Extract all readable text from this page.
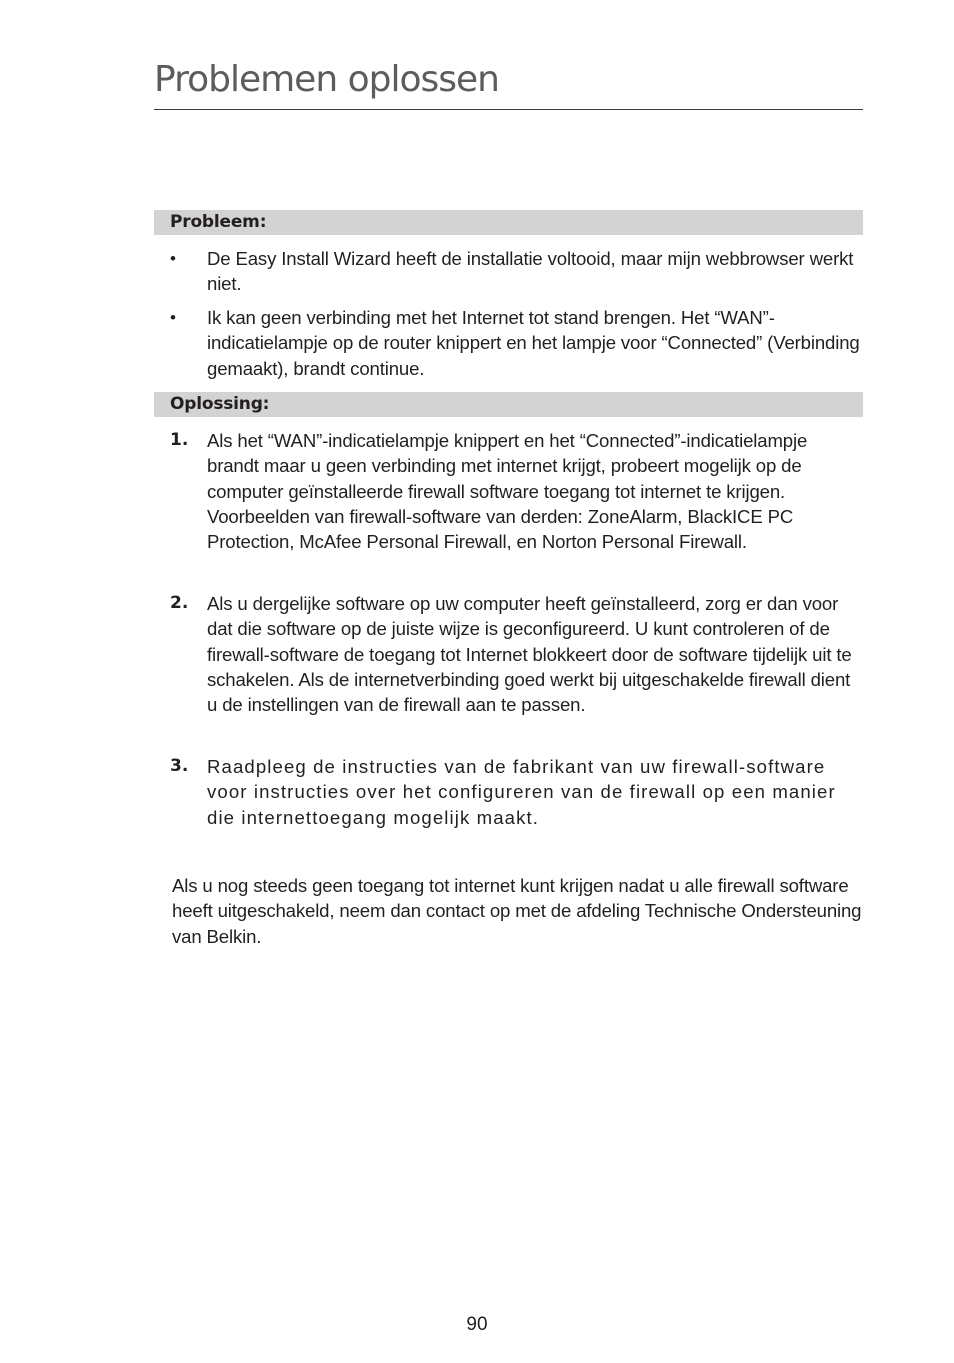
Problemen oplossen
Probleem:
• De Easy Install Wizard heeft de installatie voltooid, maar mijn webbrowser werkt niet.
• Ik kan geen verbinding met het Internet tot stand brengen. Het “WAN”-indicatielampje op de router knippert en het lampje voor “Connected” (Verbinding gemaakt), brandt continue.
Oplossing:
1. Als het “WAN”-indicatielampje knippert en het “Connected”-indicatielampje brandt maar u geen verbinding met internet krijgt, probeert mogelijk op de computer geïnstalleerde firewall software toegang tot internet te krijgen. Voorbeelden van firewall-software van derden: ZoneAlarm, BlackICE PC Protection, McAfee Personal Firewall, en Norton Personal Firewall.
2. Als u dergelijke software op uw computer heeft geïnstalleerd, zorg er dan voor dat die software op de juiste wijze is geconfigureerd. U kunt controleren of de firewall-software de toegang tot Internet blokkeert door de software tijdelijk uit te schakelen. Als de internetverbinding goed werkt bij uitgeschakelde firewall dient u de instellingen van de firewall aan te passen.
3. Raadpleeg de instructies van de fabrikant van uw firewall-software voor instructies over het configureren van de firewall op een manier die internettoegang mogelijk maakt.
Als u nog steeds geen toegang tot internet kunt krijgen nadat u alle firewall software heeft uitgeschakeld, neem dan contact op met de afdeling Technische Ondersteuning van Belkin.
90
